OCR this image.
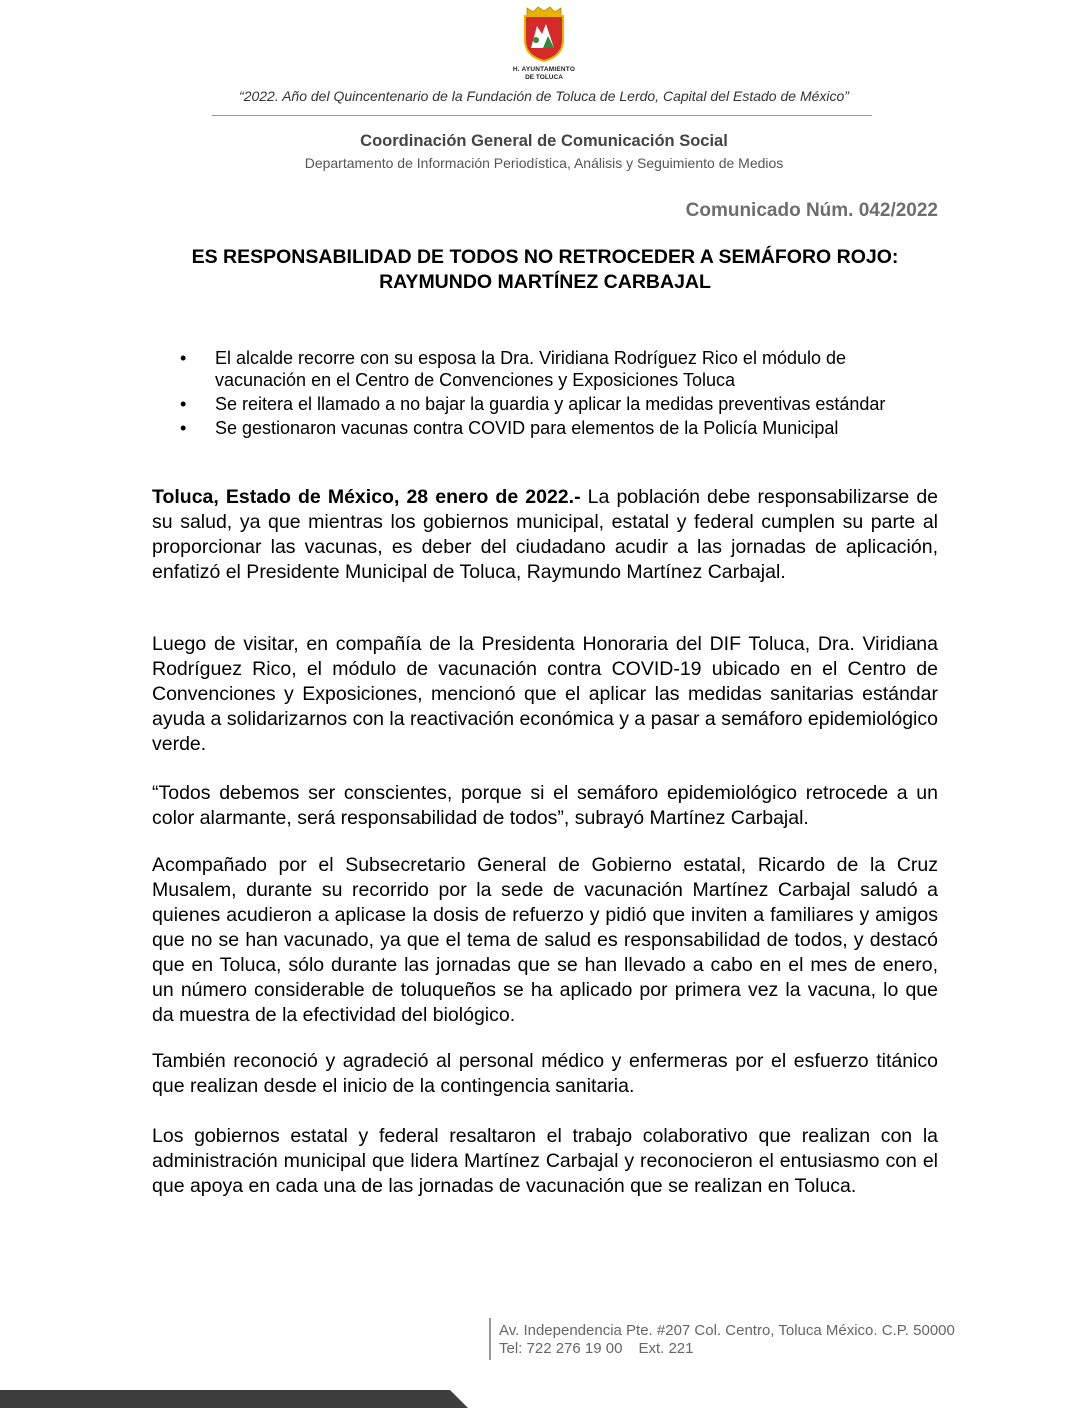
H. AYUNTAMIENTO
DE TOLUCA
“2022. Año del Quincentenario de la Fundación de Toluca de Lerdo, Capital del Estado de México”
Coordinación General de Comunicación Social
Departamento de Información Periodística, Análisis y Seguimiento de Medios
Comunicado Núm. 042/2022
ES RESPONSABILIDAD DE TODOS NO RETROCEDER A SEMÁFORO ROJO:
RAYMUNDO MARTÍNEZ CARBAJAL
• El alcalde recorre con su esposa la Dra. Viridiana Rodríguez Rico el módulo de vacunación en el Centro de Convenciones y Exposiciones Toluca
• Se reitera el llamado a no bajar la guardia y aplicar la medidas preventivas estándar
• Se gestionaron vacunas contra COVID para elementos de la Policía Municipal

Toluca, Estado de México, 28 enero de 2022.- La población debe responsabilizarse de su salud, ya que mientras los gobiernos municipal, estatal y federal cumplen su parte al proporcionar las vacunas, es deber del ciudadano acudir a las jornadas de aplicación, enfatizó el Presidente Municipal de Toluca, Raymundo Martínez Carbajal.

Luego de visitar, en compañía de la Presidenta Honoraria del DIF Toluca, Dra. Viridiana Rodríguez Rico, el módulo de vacunación contra COVID-19 ubicado en el Centro de Convenciones y Exposiciones, mencionó que el aplicar las medidas sanitarias estándar ayuda a solidarizarnos con la reactivación económica y a pasar a semáforo epidemiológico verde.

“Todos debemos ser conscientes, porque si el semáforo epidemiológico retrocede a un color alarmante, será responsabilidad de todos”, subrayó Martínez Carbajal.

Acompañado por el Subsecretario General de Gobierno estatal, Ricardo de la Cruz Musalem, durante su recorrido por la sede de vacunación Martínez Carbajal saludó a quienes acudieron a aplicase la dosis de refuerzo y pidió que inviten a familiares y amigos que no se han vacunado, ya que el tema de salud es responsabilidad de todos, y destacó que en Toluca, sólo durante las jornadas que se han llevado a cabo en el mes de enero, un número considerable de toluqueños se ha aplicado por primera vez la vacuna, lo que da muestra de la efectividad del biológico.

También reconoció y agradeció al personal médico y enfermeras por el esfuerzo titánico que realizan desde el inicio de la contingencia sanitaria.

Los gobiernos estatal y federal resaltaron el trabajo colaborativo que realizan con la administración municipal que lidera Martínez Carbajal y reconocieron el entusiasmo con el que apoya en cada una de las jornadas de vacunación que se realizan en Toluca.

Av. Independencia Pte. #207 Col. Centro, Toluca México. C.P. 50000
Tel: 722 276 19 00 Ext. 221
